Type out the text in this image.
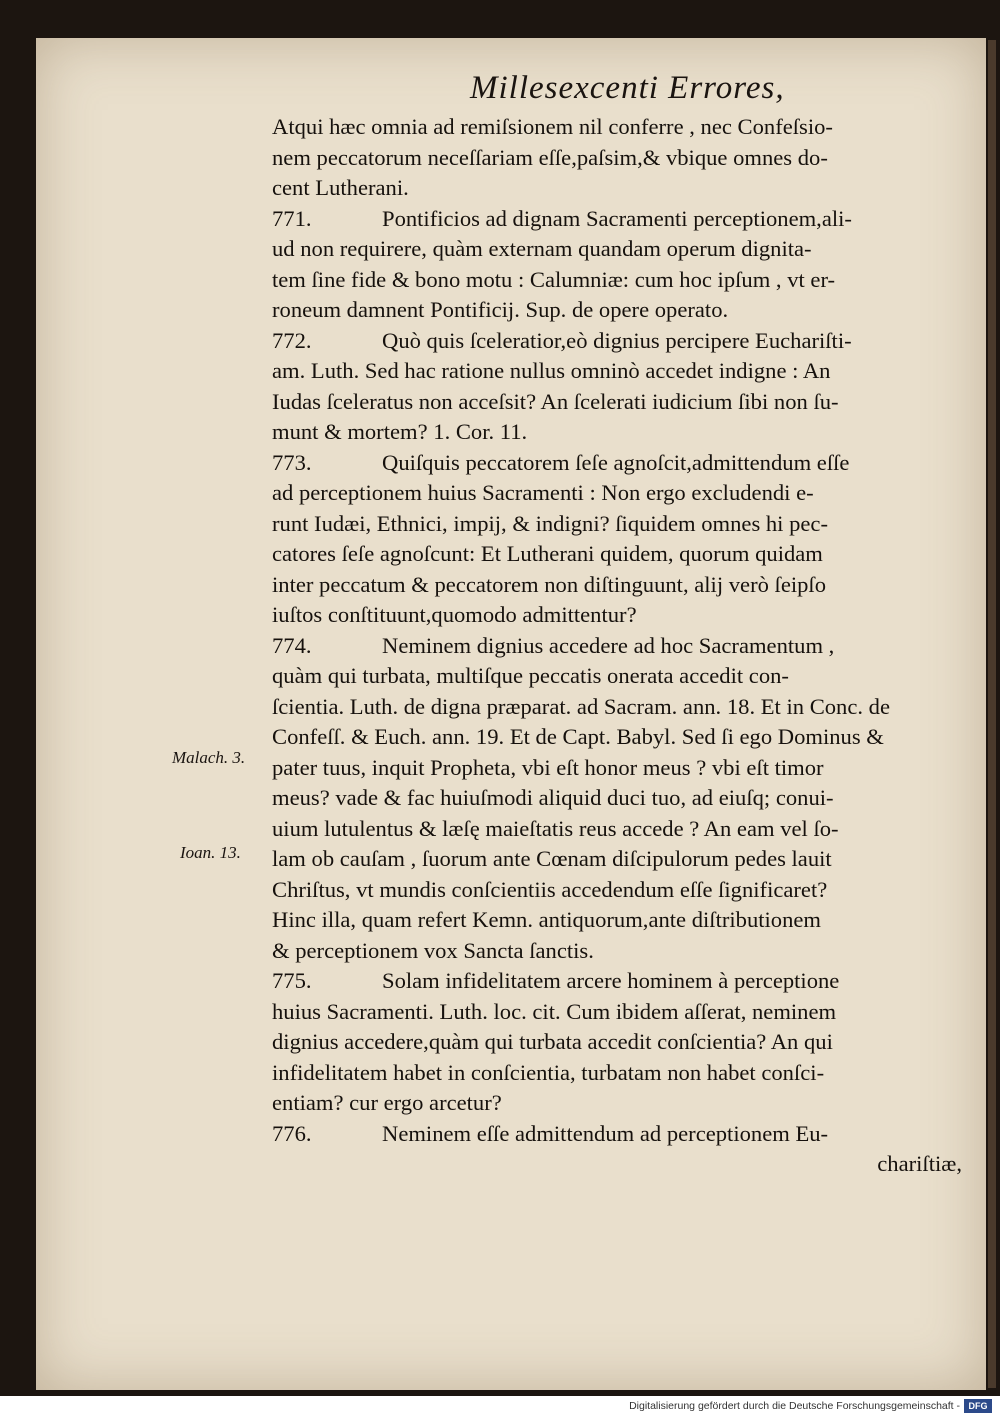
Millesexcenti Errores,
Malach. 3.
Ioan. 13.
Atqui hæc omnia ad remiſsionem nil conferre , nec Confeſsio-
nem peccatorum neceſſariam eſſe,paſsim,& vbique omnes do-
cent Lutherani.
771.	Pontificios ad dignam Sacramenti perceptionem,ali-
ud non requirere, quàm externam quandam operum dignita-
tem ſine fide & bono motu : Calumniæ: cum hoc ipſum , vt er-
roneum damnent Pontificij. Sup. de opere operato.
772.	Quò quis ſceleratior,eò dignius percipere Euchariſti-
am. Luth. Sed hac ratione nullus omninò accedet indigne : An
Iudas ſceleratus non acceſsit? An ſcelerati iudicium ſibi non ſu-
munt & mortem? 1. Cor. 11.
773.	Quiſquis peccatorem ſeſe agnoſcit,admittendum eſſe
ad perceptionem huius Sacramenti : Non ergo excludendi e-
runt Iudæi, Ethnici, impij, & indigni? ſiquidem omnes hi pec-
catores ſeſe agnoſcunt: Et Lutherani quidem, quorum quidam
inter peccatum & peccatorem non diſtinguunt, alij verò ſeipſo
iuſtos conſtituunt,quomodo admittentur?
774.	Neminem dignius accedere ad hoc Sacramentum ,
quàm qui turbata, multiſque peccatis onerata accedit con-
ſcientia. Luth. de digna præparat. ad Sacram. ann. 18. Et in Conc. de
Confeſſ. & Euch. ann. 19. Et de Capt. Babyl. Sed ſi ego Dominus &
pater tuus, inquit Propheta, vbi eſt honor meus ? vbi eſt timor
meus? vade & fac huiuſmodi aliquid duci tuo, ad eiuſq; conui-
uium lutulentus & læſę maieſtatis reus accede ? An eam vel ſo-
lam ob cauſam , ſuorum ante Cœnam diſcipulorum pedes lauit
Chriſtus, vt mundis conſcientiis accedendum eſſe ſignificaret?
Hinc illa, quam refert Kemn. antiquorum,ante diſtributionem
& perceptionem vox Sancta ſanctis.
775.	Solam infidelitatem arcere hominem à perceptione
huius Sacramenti. Luth. loc. cit. Cum ibidem aſſerat, neminem
dignius accedere,quàm qui turbata accedit conſcientia? An qui
infidelitatem habet in conſcientia, turbatam non habet conſci-
entiam? cur ergo arcetur?
776.	Neminem eſſe admittendum ad perceptionem Eu-
chariſtiæ,
Digitalisierung gefördert durch die Deutsche Forschungsgemeinschaft - DFG
